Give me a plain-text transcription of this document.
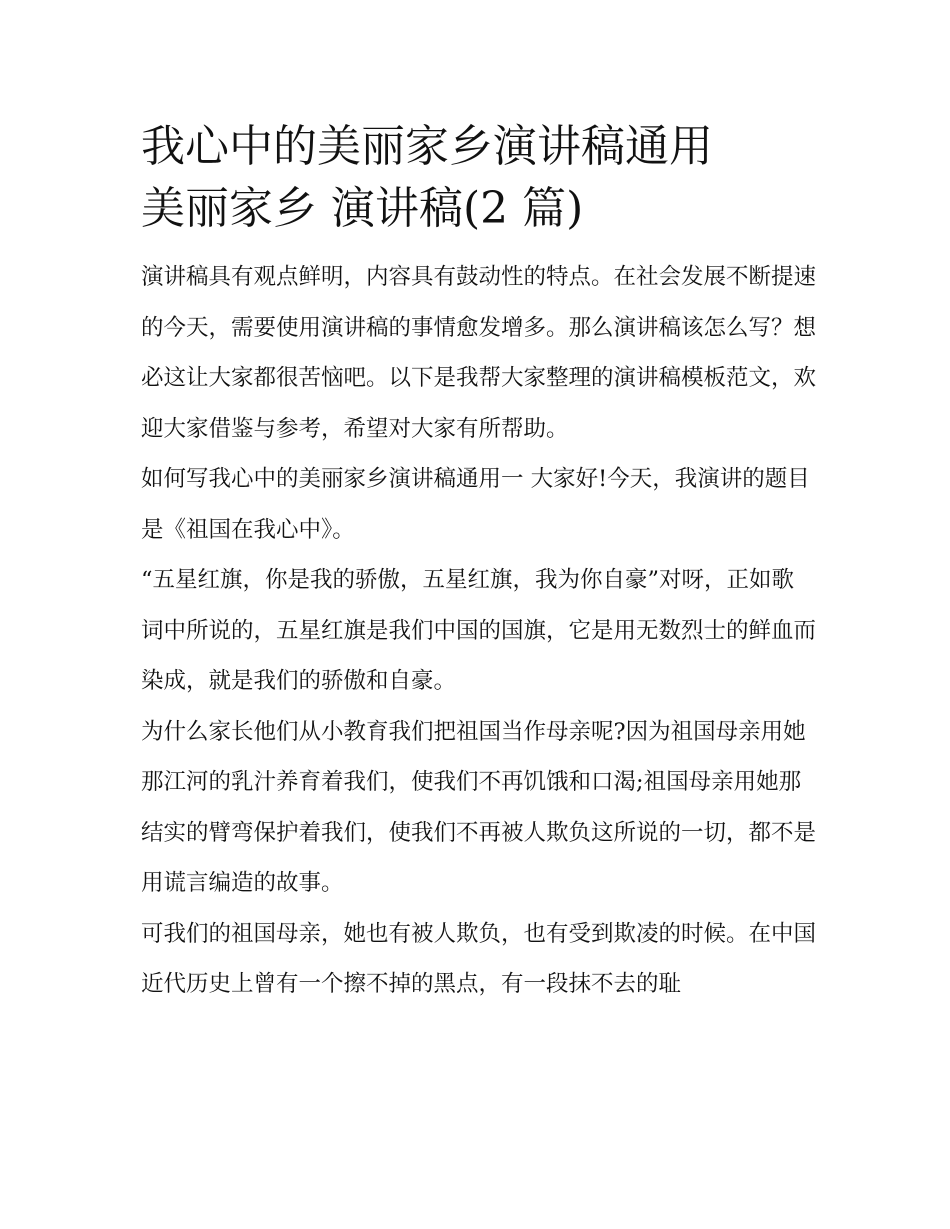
我心中的美丽家乡演讲稿通用
美丽家乡 演讲稿(2 篇)

演讲稿具有观点鲜明，内容具有鼓动性的特点。在社会发展不断提速的今天，需要使用演讲稿的事情愈发增多。那么演讲稿该怎么写？想必这让大家都很苦恼吧。以下是我帮大家整理的演讲稿模板范文，欢迎大家借鉴与参考，希望对大家有所帮助。

如何写我心中的美丽家乡演讲稿通用一 大家好!今天，我演讲的题目是《祖国在我心中》。

“五星红旗，你是我的骄傲，五星红旗，我为你自豪”对呀，正如歌词中所说的，五星红旗是我们中国的国旗，它是用无数烈士的鲜血而染成，就是我们的骄傲和自豪。

为什么家长他们从小教育我们把祖国当作母亲呢?因为祖国母亲用她那江河的乳汁养育着我们，使我们不再饥饿和口渴;祖国母亲用她那结实的臂弯保护着我们，使我们不再被人欺负这所说的一切，都不是用谎言编造的故事。

可我们的祖国母亲，她也有被人欺负，也有受到欺凌的时候。在中国近代历史上曾有一个擦不掉的黑点，有一段抹不去的耻
